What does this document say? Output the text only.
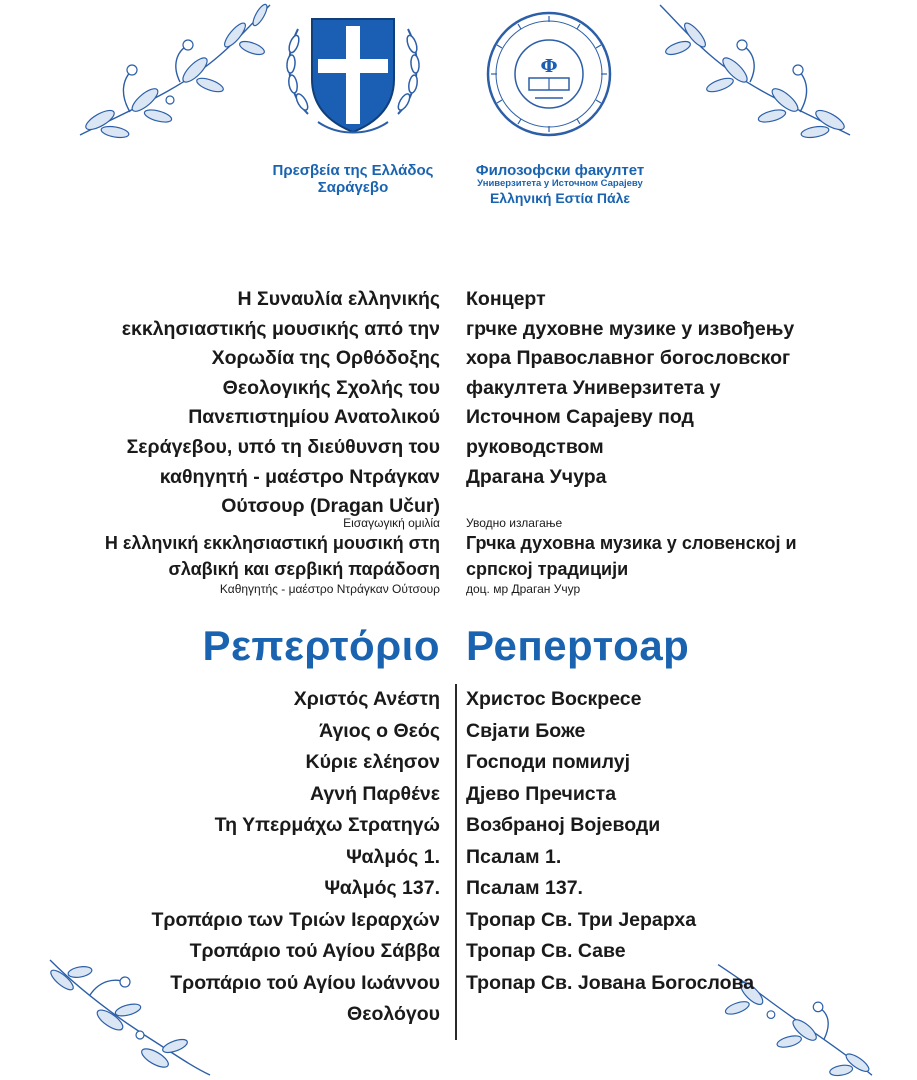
Ф
Πρεσβεία της Ελλάδος
Σαράγεβο
Филозофски факултет
Универзитета у Источном Сарајеву
Ελληνική Εστία Πάλε
Η Συναυλία ελληνικής
εκκλησιαστικής μουσικής από την
Χορωδία της Ορθόδοξης
Θεολογικής Σχολής του
Πανεπιστημίου Ανατολικού
Σεράγεβου, υπό τη διεύθυνση του
καθηγητή - μαέστρο Ντράγκαν
Ούτσουρ (Dragan Učur)
Концерт
грчке духовне музике у извођењу
хора Православног богословског
факултета Универзитета у
Источном Сарајеву под
руководством
Драгана Учура
Εισαγωγική ομιλία
Η ελληνική εκκλησιαστική μουσική στη
σλαβική και σερβική παράδοση
Καθηγητής - μαέστρο Ντράγκαν Ούτσουρ
Уводно излагање
Грчка духовна музика у словенској и
српској традицији
доц. мр Драган Учур
Ρεπερτόριο Репертоар
Χριστός Ανέστη
Άγιος ο Θεός
Κύριε ελέησον
Αγνή Παρθένε
Τη Υπερμάχω Στρατηγώ
Ψαλμός 1.
Ψαλμός 137.
Τροπάριο των Τριών Ιεραρχών
Τροπάριο τού Αγίου Σάββα
Τροπάριο τού Αγίου Ιωάννου
Θεολόγου
Христос Воскресе
Свјати Боже
Господи помилуј
Дјево Пречиста
Возбраној Војеводи
Псалам 1.
Псалам 137.
Тропар Св. Три Јерарха
Тропар Св. Саве
Тропар Св. Јована Богослова
